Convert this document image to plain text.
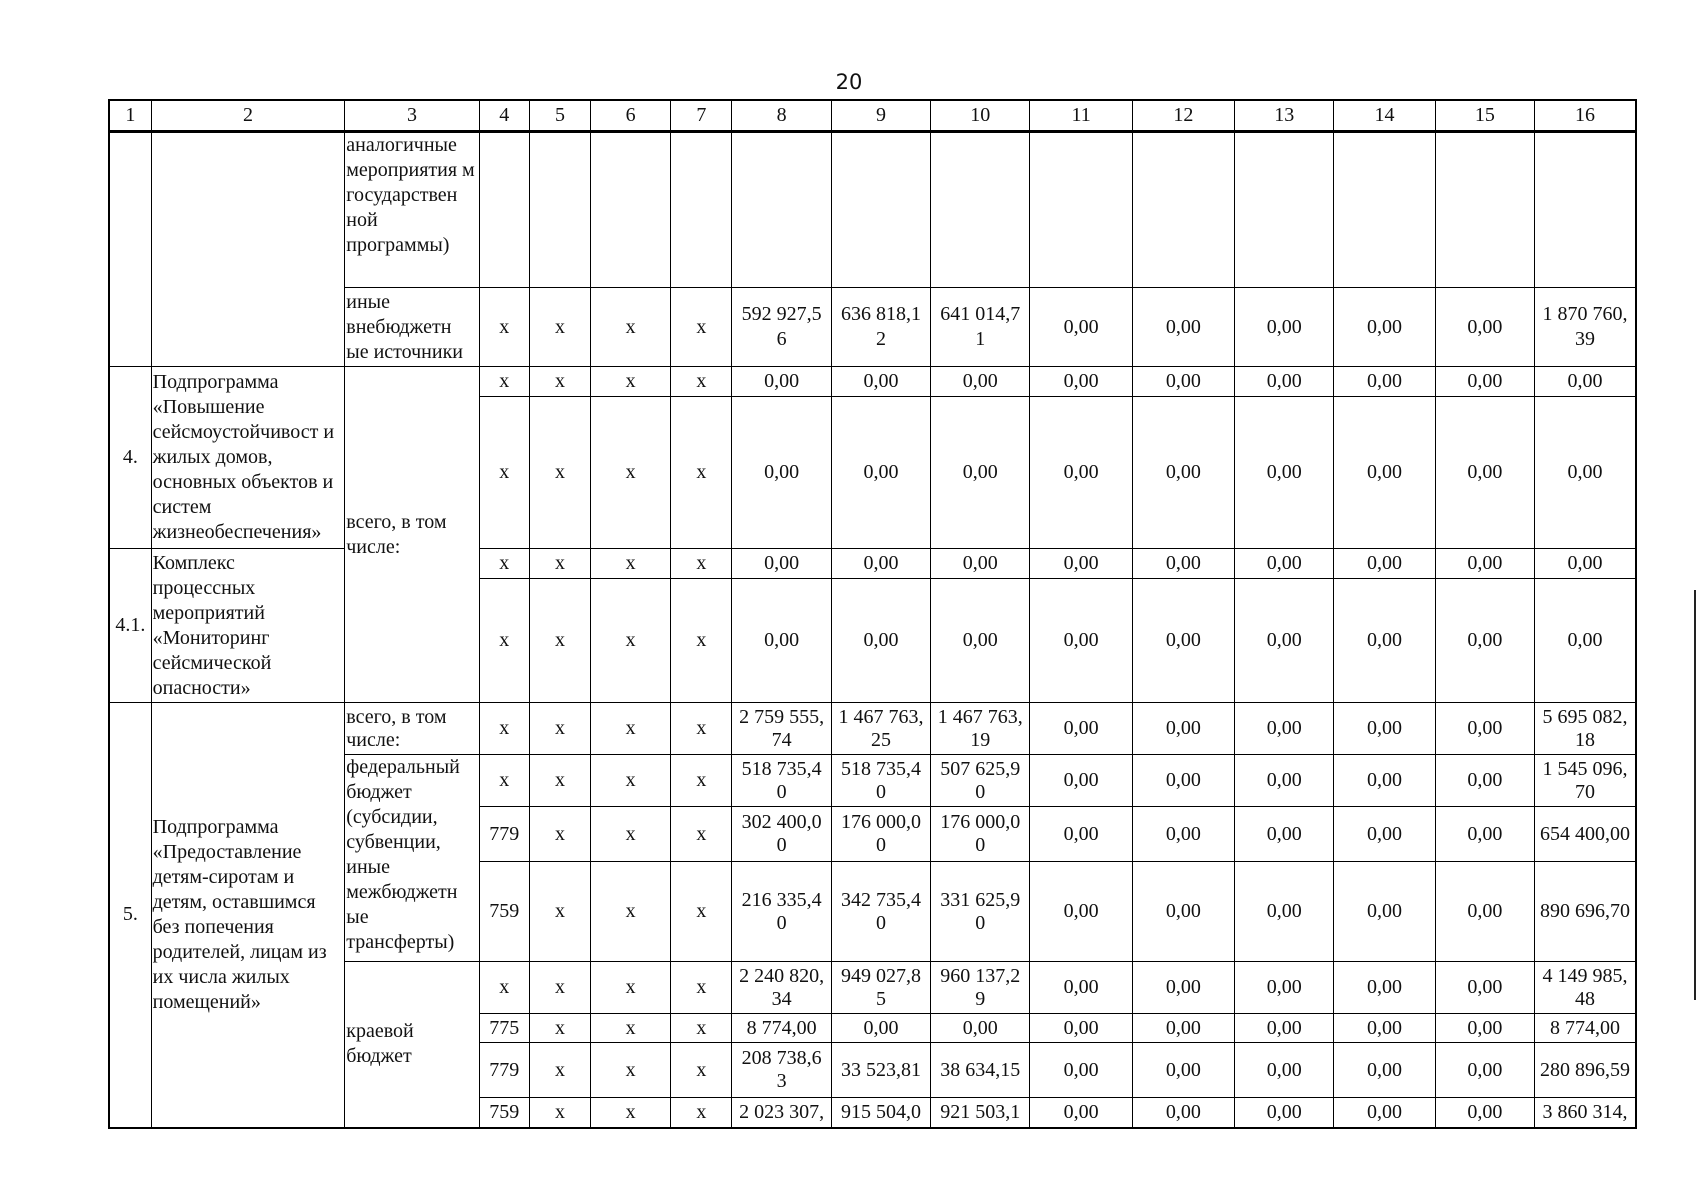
20
1	2	3	4	5	6	7	8	9	10	11	12	13	14	15	16
		аналогичные мероприятия м государствен ной программы)													
		иные внебюджетн ые источники	х	х	х	х	592 927,5 6	636 818,1 2	641 014,7 1	0,00	0,00	0,00	0,00	0,00	1 870 760, 39
4.	Подпрограмма «Повышение сейсмоустойчивост и жилых домов, основных объектов и систем жизнеобеспечения»	всего, в том числе:	х	х	х	х	0,00	0,00	0,00	0,00	0,00	0,00	0,00	0,00	0,00
			х	х	х	х	0,00	0,00	0,00	0,00	0,00	0,00	0,00	0,00	0,00
4.1.	Комплекс процессных мероприятий «Мониторинг сейсмической опасности»		х	х	х	х	0,00	0,00	0,00	0,00	0,00	0,00	0,00	0,00	0,00
			х	х	х	х	0,00	0,00	0,00	0,00	0,00	0,00	0,00	0,00	0,00
5.	Подпрограмма «Предоставление детям-сиротам и детям, оставшимся без попечения родителей, лицам из их числа жилых помещений»	всего, в том числе:	х	х	х	х	2 759 555, 74	1 467 763, 25	1 467 763, 19	0,00	0,00	0,00	0,00	0,00	5 695 082, 18
		федеральный бюджет (субсидии, субвенции, иные межбюджетн ые трансферты)	х	х	х	х	518 735,4 0	518 735,4 0	507 625,9 0	0,00	0,00	0,00	0,00	0,00	1 545 096, 70
			779	х	х	х	302 400,0 0	176 000,0 0	176 000,0 0	0,00	0,00	0,00	0,00	0,00	654 400,00
			759	х	х	х	216 335,4 0	342 735,4 0	331 625,9 0	0,00	0,00	0,00	0,00	0,00	890 696,70
		краевой бюджет	х	х	х	х	2 240 820, 34	949 027,8 5	960 137,2 9	0,00	0,00	0,00	0,00	0,00	4 149 985, 48
			775	х	х	х	8 774,00	0,00	0,00	0,00	0,00	0,00	0,00	0,00	8 774,00
			779	х	х	х	208 738,6 3	33 523,81	38 634,15	0,00	0,00	0,00	0,00	0,00	280 896,59
			759	х	х	х	2 023 307,	915 504,0	921 503,1	0,00	0,00	0,00	0,00	0,00	3 860 314,
